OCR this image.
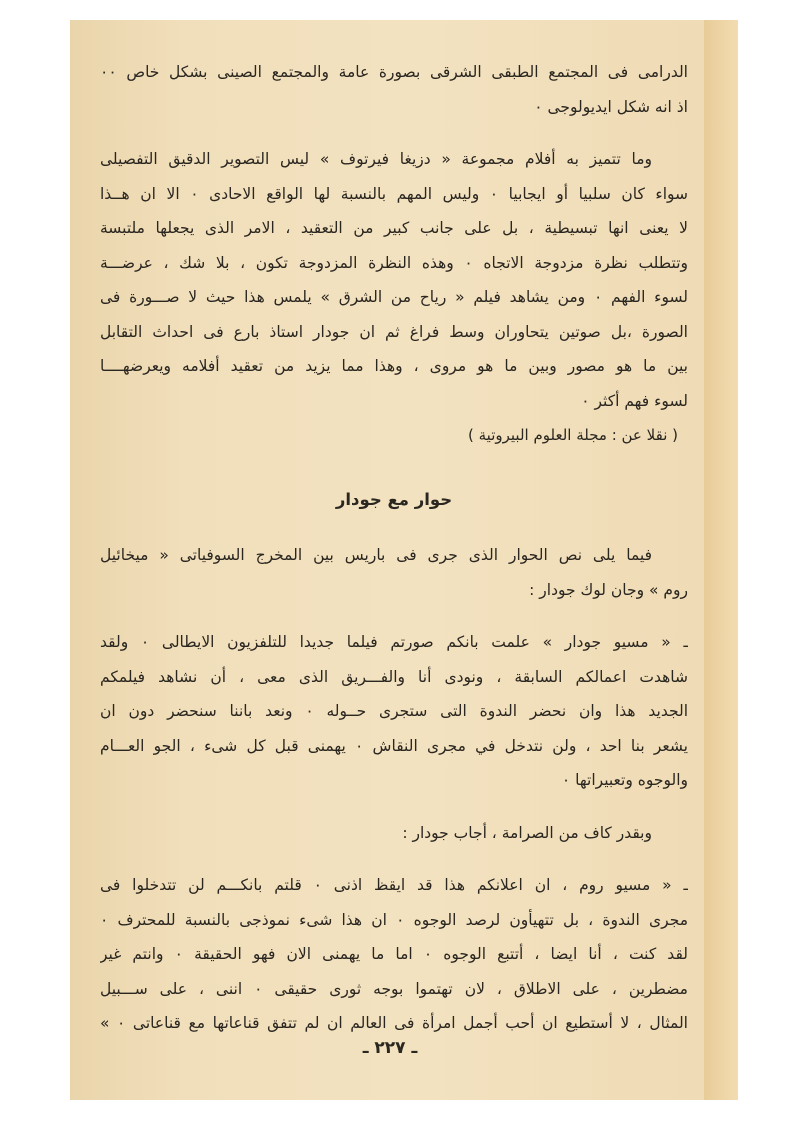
الدرامى فى المجتمع الطبقى الشرقى بصورة عامة والمجتمع الصينى بشكل خاص ٠٠

اذ انه شكل ايديولوجى ٠

وما تتميز به أفلام مجموعة « دزيغا فيرتوف » ليس التصوير الدقيق التفصيلى

سواء كان سلبيا أو ايجابيا ٠ وليس المهم بالنسبة لها الواقع الاحادى ٠ الا ان هــذا

لا يعنى انها تبسيطية ، بل على جانب كبير من التعقيد ، الامر الذى يجعلها ملتبسة

وتتطلب نظرة مزدوجة الاتجاه ٠ وهذه النظرة المزدوجة تكون ، بلا شك ، عرضـــة

لسوء الفهم ٠ ومن يشاهد فيلم « رياح من الشرق » يلمس هذا حيث لا صـــورة فى

الصورة ،بل صوتين يتحاوران وسط فراغ ثم ان جودار استاذ بارع فى احداث التقابل

بين ما هو مصور وبين ما هو مروى ، وهذا مما يزيد من تعقيد أفلامه ويعرضهــــا

لسوء فهم أكثر ٠

( نقلا عن : مجلة العلوم البيروتية )
حوار مع جودار

فيما يلى نص الحوار الذى جرى فى باريس بين المخرج السوفياتى « ميخائيل

روم » وجان لوك جودار :

ـ « مسيو جودار » علمت بانكم صورتم فيلما جديدا للتلفزيون الايطالى ٠ ولقد

شاهدت اعمالكم السابقة ، ونودى أنا والفـــريق الذى معى ، أن نشاهد فيلمكم

الجديد هذا وان نحضر الندوة التى ستجرى حــوله ٠ ونعد باننا سنحضر دون ان

يشعر بنا احد ، ولن نتدخل في مجرى النقاش ٠ يهمنى قبل كل شىء ، الجو العـــام

والوجوه وتعبيراتها ٠

وبقدر كاف من الصرامة ، أجاب جودار :

ـ « مسيو روم ، ان اعلانكم هذا قد ايقظ اذنى ٠ قلتم بانكـــم لن تتدخلوا فى

مجرى الندوة ، بل تتهيأون لرصد الوجوه ٠ ان هذا شىء نموذجى بالنسبة للمحترف ٠

لقد كنت ، أنا ايضا ، أتتبع الوجوه ٠ اما ما يهمنى الان فهو الحقيقة ٠ وانتم غير

مضطرين ، على الاطلاق ، لان تهتموا بوجه ثورى حقيقى ٠ اننى ، على ســـبيل

المثال ، لا أستطيع ان أحب أجمل امرأة فى العالم ان لم تتفق قناعاتها مع قناعاتى ٠ »

ـ ٢٢٧ ـ
